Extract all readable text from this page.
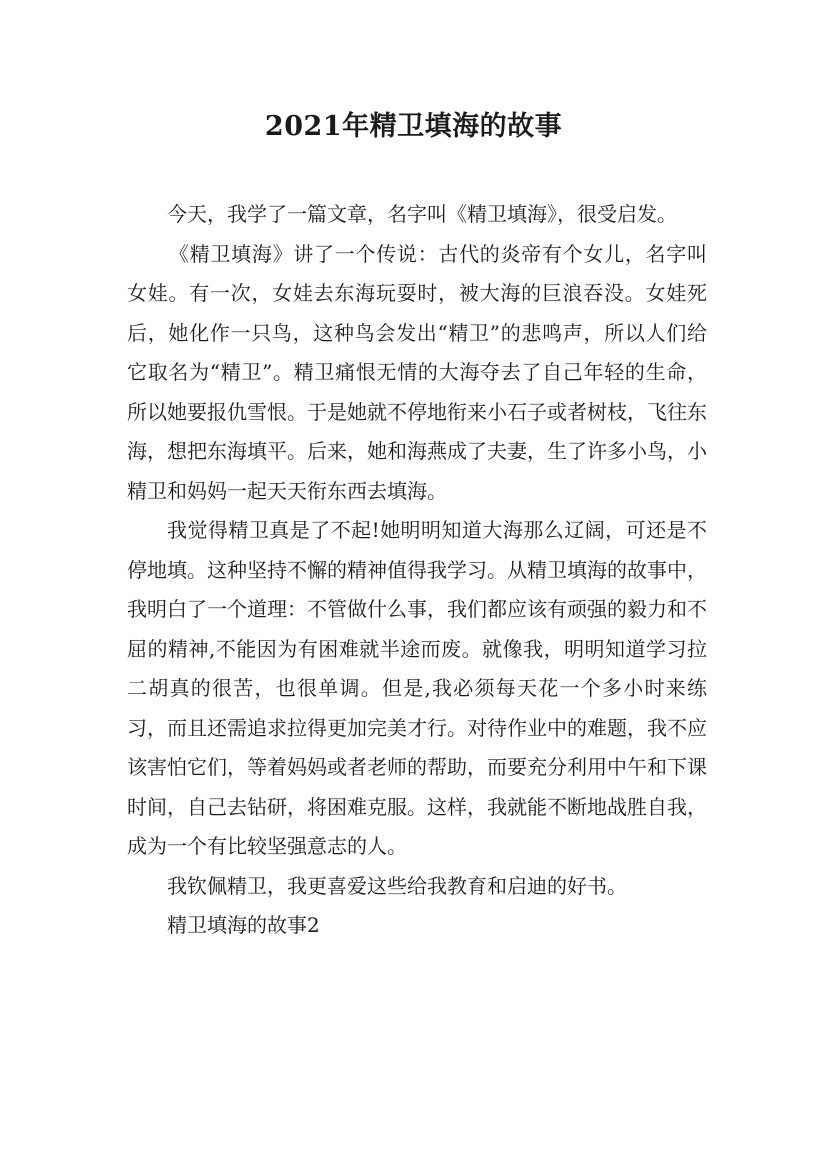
2021年精卫填海的故事

今天，我学了一篇文章，名字叫《精卫填海》，很受启发。

《精卫填海》讲了一个传说：古代的炎帝有个女儿，名字叫女娃。有一次，女娃去东海玩耍时，被大海的巨浪吞没。女娃死后，她化作一只鸟，这种鸟会发出“精卫”的悲鸣声，所以人们给它取名为“精卫”。精卫痛恨无情的大海夺去了自己年轻的生命，所以她要报仇雪恨。于是她就不停地衔来小石子或者树枝，飞往东海，想把东海填平。后来，她和海燕成了夫妻，生了许多小鸟，小精卫和妈妈一起天天衔东西去填海。

我觉得精卫真是了不起!她明明知道大海那么辽阔，可还是不停地填。这种坚持不懈的精神值得我学习。从精卫填海的故事中，我明白了一个道理：不管做什么事，我们都应该有顽强的毅力和不屈的精神,不能因为有困难就半途而废。就像我，明明知道学习拉二胡真的很苦，也很单调。但是,我必须每天花一个多小时来练习，而且还需追求拉得更加完美才行。对待作业中的难题，我不应该害怕它们，等着妈妈或者老师的帮助，而要充分利用中午和下课时间，自己去钻研，将困难克服。这样，我就能不断地战胜自我，成为一个有比较坚强意志的人。

我钦佩精卫，我更喜爱这些给我教育和启迪的好书。

精卫填海的故事2
